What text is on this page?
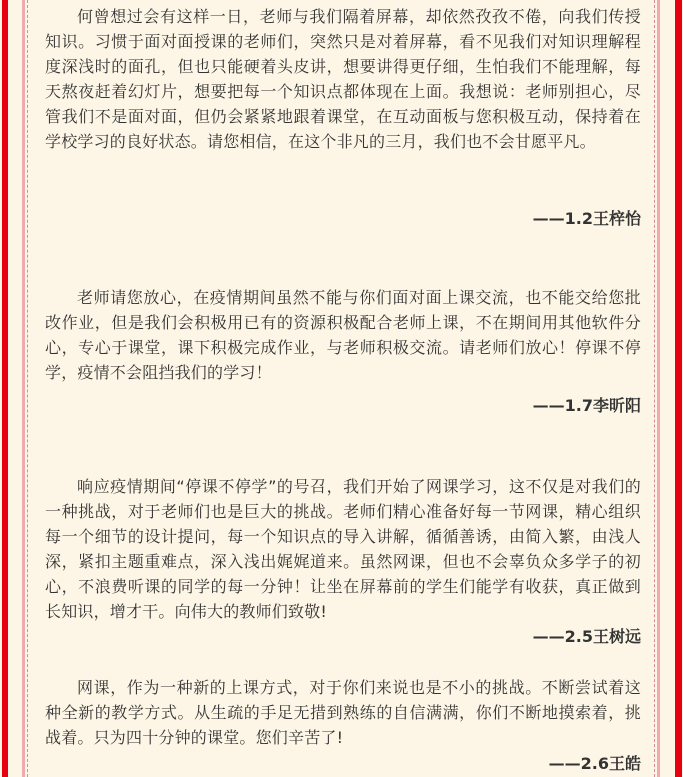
何曾想过会有这样一日，老师与我们隔着屏幕，却依然孜孜不倦，向我们传授知识。习惯于面对面授课的老师们，突然只是对着屏幕，看不见我们对知识理解程度深浅时的面孔，但也只能硬着头皮讲，想要讲得更仔细，生怕我们不能理解，每天熬夜赶着幻灯片，想要把每一个知识点都体现在上面。我想说：老师别担心，尽管我们不是面对面，但仍会紧紧地跟着课堂，在互动面板与您积极互动，保持着在学校学习的良好状态。请您相信，在这个非凡的三月，我们也不会甘愿平凡。

——1.2王梓怡

老师请您放心，在疫情期间虽然不能与你们面对面上课交流，也不能交给您批改作业，但是我们会积极用已有的资源积极配合老师上课，不在期间用其他软件分心，专心于课堂，课下积极完成作业，与老师积极交流。请老师们放心！停课不停学，疫情不会阻挡我们的学习！

——1.7李昕阳

响应疫情期间“停课不停学”的号召，我们开始了网课学习，这不仅是对我们的一种挑战，对于老师们也是巨大的挑战。老师们精心准备好每一节网课，精心组织每一个细节的设计提问，每一个知识点的导入讲解，循循善诱，由简入繁，由浅人深，紧扣主题重难点，深入浅出娓娓道来。虽然网课，但也不会辜负众多学子的初心，不浪费听课的同学的每一分钟！让坐在屏幕前的学生们能学有收获，真正做到长知识，增才干。向伟大的教师们致敬!

——2.5王树远

网课，作为一种新的上课方式，对于你们来说也是不小的挑战。不断尝试着这种全新的教学方式。从生疏的手足无措到熟练的自信满满，你们不断地摸索着，挑战着。只为四十分钟的课堂。您们辛苦了!

——2.6王皓
